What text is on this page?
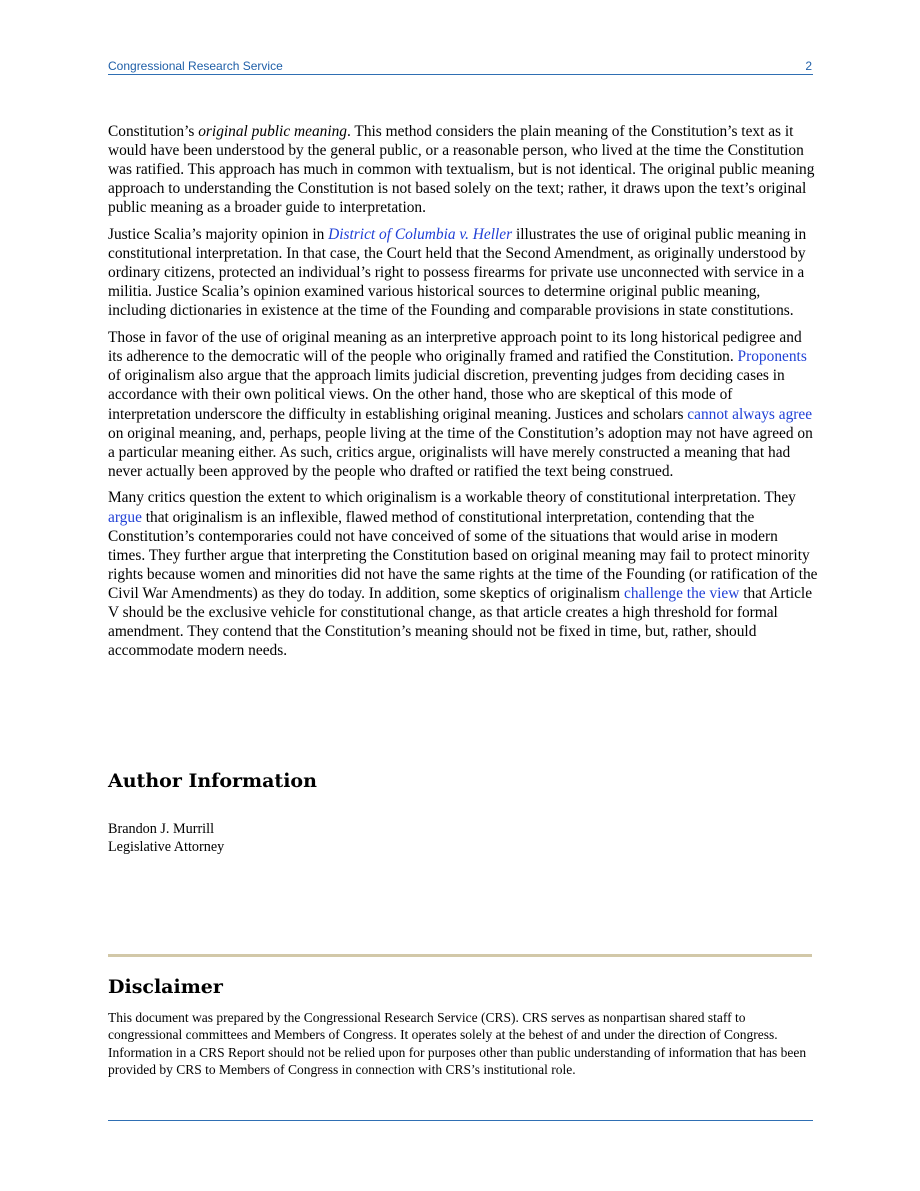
Congressional Research Service	2

Constitution’s original public meaning. This method considers the plain meaning of the Constitution’s text as it would have been understood by the general public, or a reasonable person, who lived at the time the Constitution was ratified. This approach has much in common with textualism, but is not identical. The original public meaning approach to understanding the Constitution is not based solely on the text; rather, it draws upon the text’s original public meaning as a broader guide to interpretation.

Justice Scalia’s majority opinion in District of Columbia v. Heller illustrates the use of original public meaning in constitutional interpretation. In that case, the Court held that the Second Amendment, as originally understood by ordinary citizens, protected an individual’s right to possess firearms for private use unconnected with service in a militia. Justice Scalia’s opinion examined various historical sources to determine original public meaning, including dictionaries in existence at the time of the Founding and comparable provisions in state constitutions.

Those in favor of the use of original meaning as an interpretive approach point to its long historical pedigree and its adherence to the democratic will of the people who originally framed and ratified the Constitution. Proponents of originalism also argue that the approach limits judicial discretion, preventing judges from deciding cases in accordance with their own political views. On the other hand, those who are skeptical of this mode of interpretation underscore the difficulty in establishing original meaning. Justices and scholars cannot always agree on original meaning, and, perhaps, people living at the time of the Constitution’s adoption may not have agreed on a particular meaning either. As such, critics argue, originalists will have merely constructed a meaning that had never actually been approved by the people who drafted or ratified the text being construed.

Many critics question the extent to which originalism is a workable theory of constitutional interpretation. They argue that originalism is an inflexible, flawed method of constitutional interpretation, contending that the Constitution’s contemporaries could not have conceived of some of the situations that would arise in modern times. They further argue that interpreting the Constitution based on original meaning may fail to protect minority rights because women and minorities did not have the same rights at the time of the Founding (or ratification of the Civil War Amendments) as they do today. In addition, some skeptics of originalism challenge the view that Article V should be the exclusive vehicle for constitutional change, as that article creates a high threshold for formal amendment. They contend that the Constitution’s meaning should not be fixed in time, but, rather, should accommodate modern needs.

Author Information
Brandon J. Murrill
Legislative Attorney
Disclaimer

This document was prepared by the Congressional Research Service (CRS). CRS serves as nonpartisan shared staff to congressional committees and Members of Congress. It operates solely at the behest of and under the direction of Congress. Information in a CRS Report should not be relied upon for purposes other than public understanding of information that has been provided by CRS to Members of Congress in connection with CRS’s institutional role.
